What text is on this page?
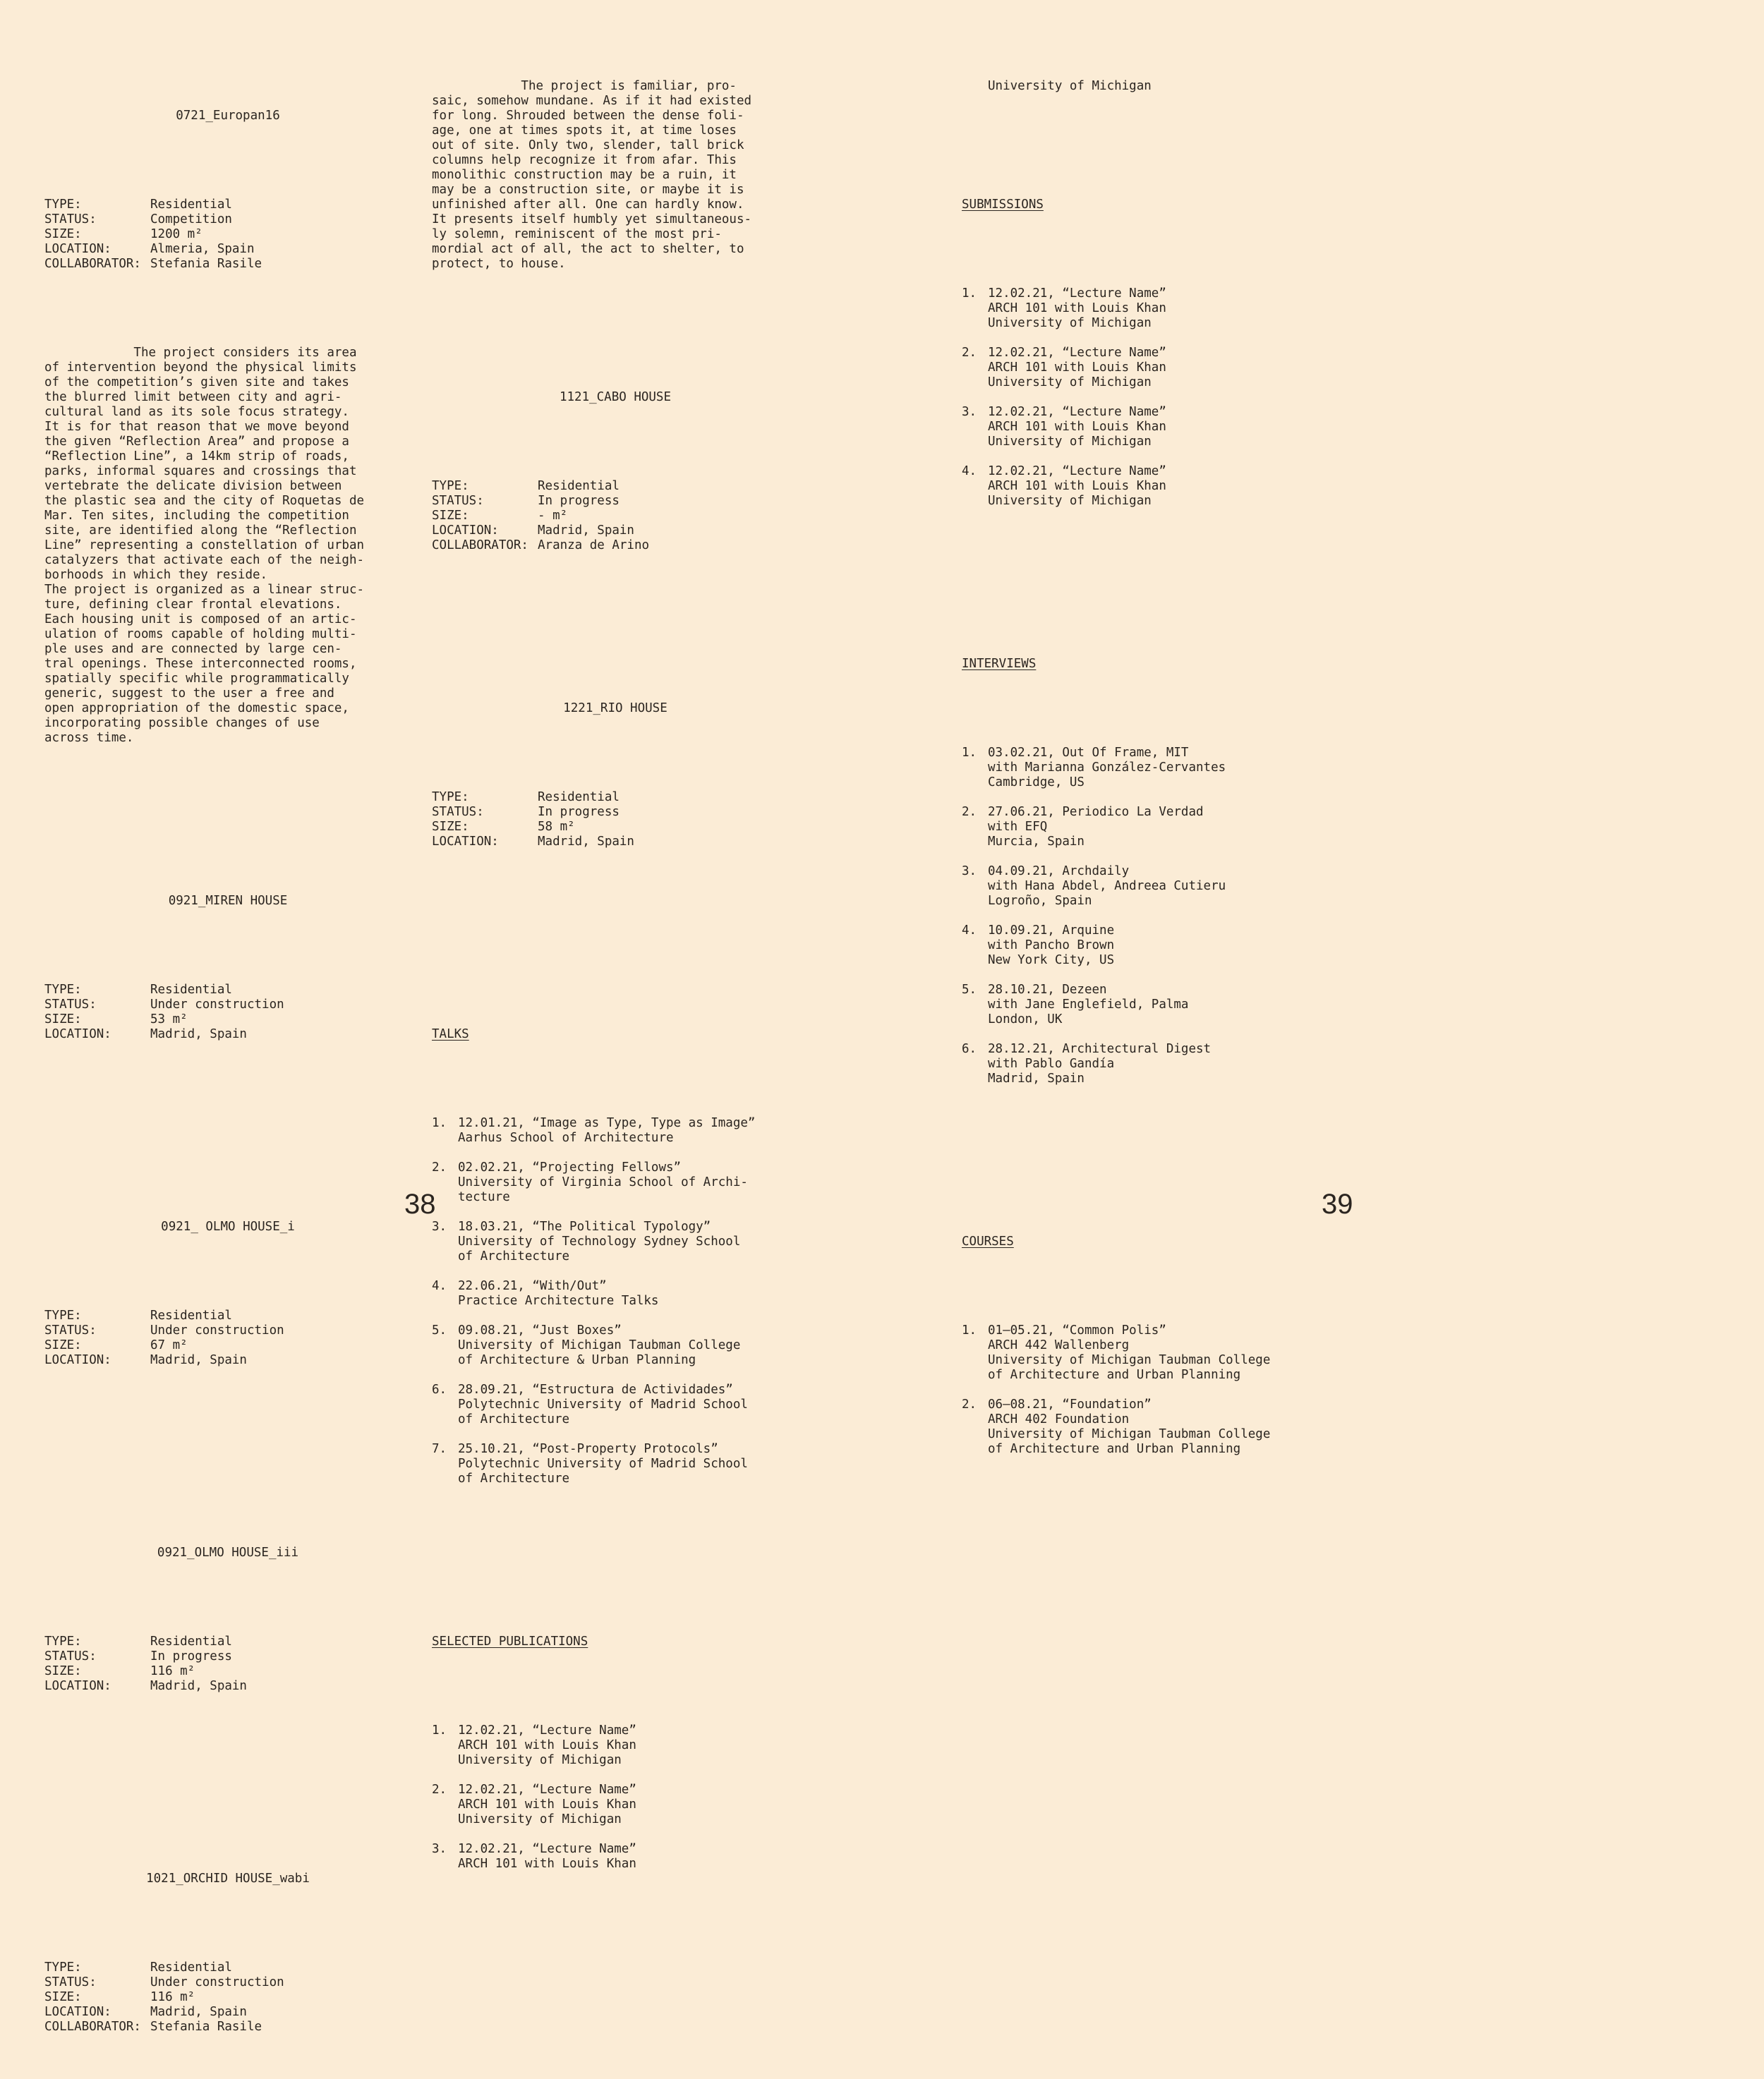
0721_Europan16

TYPE:	Residential
STATUS:	Competition
SIZE:	1200 m²
LOCATION:	Almeria, Spain
COLLABORATOR: Stefania Rasile

The project considers its area
of intervention beyond the physical limits
of the competition’s given site and takes
the blurred limit between city and agri-
cultural land as its sole focus strategy.
It is for that reason that we move beyond
the given “Reflection Area” and propose a
“Reflection Line”, a 14km strip of roads,
parks, informal squares and crossings that
vertebrate the delicate division between
the plastic sea and the city of Roquetas de
Mar. Ten sites, including the competition
site, are identified along the “Reflection
Line” representing a constellation of urban
catalyzers that activate each of the neigh-
borhoods in which they reside.
The project is organized as a linear struc-
ture, defining clear frontal elevations.
Each housing unit is composed of an artic-
ulation of rooms capable of holding multi-
ple uses and are connected by large cen-
tral openings. These interconnected rooms,
spatially specific while programmatically
generic, suggest to the user a free and
open appropriation of the domestic space,
incorporating possible changes of use
across time.

0921_MIREN HOUSE

TYPE:	Residential
STATUS:	Under construction
SIZE:	53 m²
LOCATION:	Madrid, Spain

0921_ OLMO HOUSE_i

TYPE:	Residential
STATUS:	Under construction
SIZE:	67 m²
LOCATION:	Madrid, Spain

0921_OLMO HOUSE_iii

TYPE:	Residential
STATUS:	In progress
SIZE:	116 m²
LOCATION:	Madrid, Spain

1021_ORCHID HOUSE_wabi

TYPE:	Residential
STATUS:	Under construction
SIZE:	116 m²
LOCATION:	Madrid, Spain
COLLABORATOR: Stefania Rasile

The project is familiar, pro-
saic, somehow mundane. As if it had existed
for long. Shrouded between the dense foli-
age, one at times spots it, at time loses
out of site. Only two, slender, tall brick
columns help recognize it from afar. This
monolithic construction may be a ruin, it
may be a construction site, or maybe it is
unfinished after all. One can hardly know.
It presents itself humbly yet simultaneous-
ly solemn, reminiscent of the most pri-
mordial act of all, the act to shelter, to
protect, to house.

1121_CABO HOUSE

TYPE:	Residential
STATUS:	In progress
SIZE:	- m²
LOCATION:	Madrid, Spain
COLLABORATOR: Aranza de Arino

1221_RIO HOUSE

TYPE:	Residential
STATUS:	In progress
SIZE:	58 m²
LOCATION:	Madrid, Spain

TALKS

1. 12.01.21, “Image as Type, Type as Image”
Aarhus School of Architecture
2. 02.02.21, “Projecting Fellows”
University of Virginia School of Archi-
tecture
3. 18.03.21, “The Political Typology”
University of Technology Sydney School
of Architecture
4. 22.06.21, “With/Out”
Practice Architecture Talks
5. 09.08.21, “Just Boxes”
University of Michigan Taubman College
of Architecture & Urban Planning
6. 28.09.21, “Estructura de Actividades”
Polytechnic University of Madrid School
of Architecture
7. 25.10.21, “Post-Property Protocols”
Polytechnic University of Madrid School
of Architecture

SELECTED PUBLICATIONS

1. 12.02.21, “Lecture Name”
ARCH 101 with Louis Khan
University of Michigan
2. 12.02.21, “Lecture Name”
ARCH 101 with Louis Khan
University of Michigan
3. 12.02.21, “Lecture Name”
ARCH 101 with Louis Khan

38

University of Michigan

SUBMISSIONS

1. 12.02.21, “Lecture Name”
ARCH 101 with Louis Khan
University of Michigan
2. 12.02.21, “Lecture Name”
ARCH 101 with Louis Khan
University of Michigan
3. 12.02.21, “Lecture Name”
ARCH 101 with Louis Khan
University of Michigan
4. 12.02.21, “Lecture Name”
ARCH 101 with Louis Khan
University of Michigan

INTERVIEWS

1. 03.02.21, Out Of Frame, MIT
with Marianna González-Cervantes
Cambridge, US
2. 27.06.21, Periodico La Verdad
with EFQ
Murcia, Spain
3. 04.09.21, Archdaily
with Hana Abdel, Andreea Cutieru
Logroño, Spain
4. 10.09.21, Arquine
with Pancho Brown
New York City, US
5. 28.10.21, Dezeen
with Jane Englefield, Palma
London, UK
6. 28.12.21, Architectural Digest
with Pablo Gandía
Madrid, Spain

COURSES

1. 01–05.21, “Common Polis”
ARCH 442 Wallenberg
University of Michigan Taubman College
of Architecture and Urban Planning
2. 06–08.21, “Foundation”
ARCH 402 Foundation
University of Michigan Taubman College
of Architecture and Urban Planning

39
